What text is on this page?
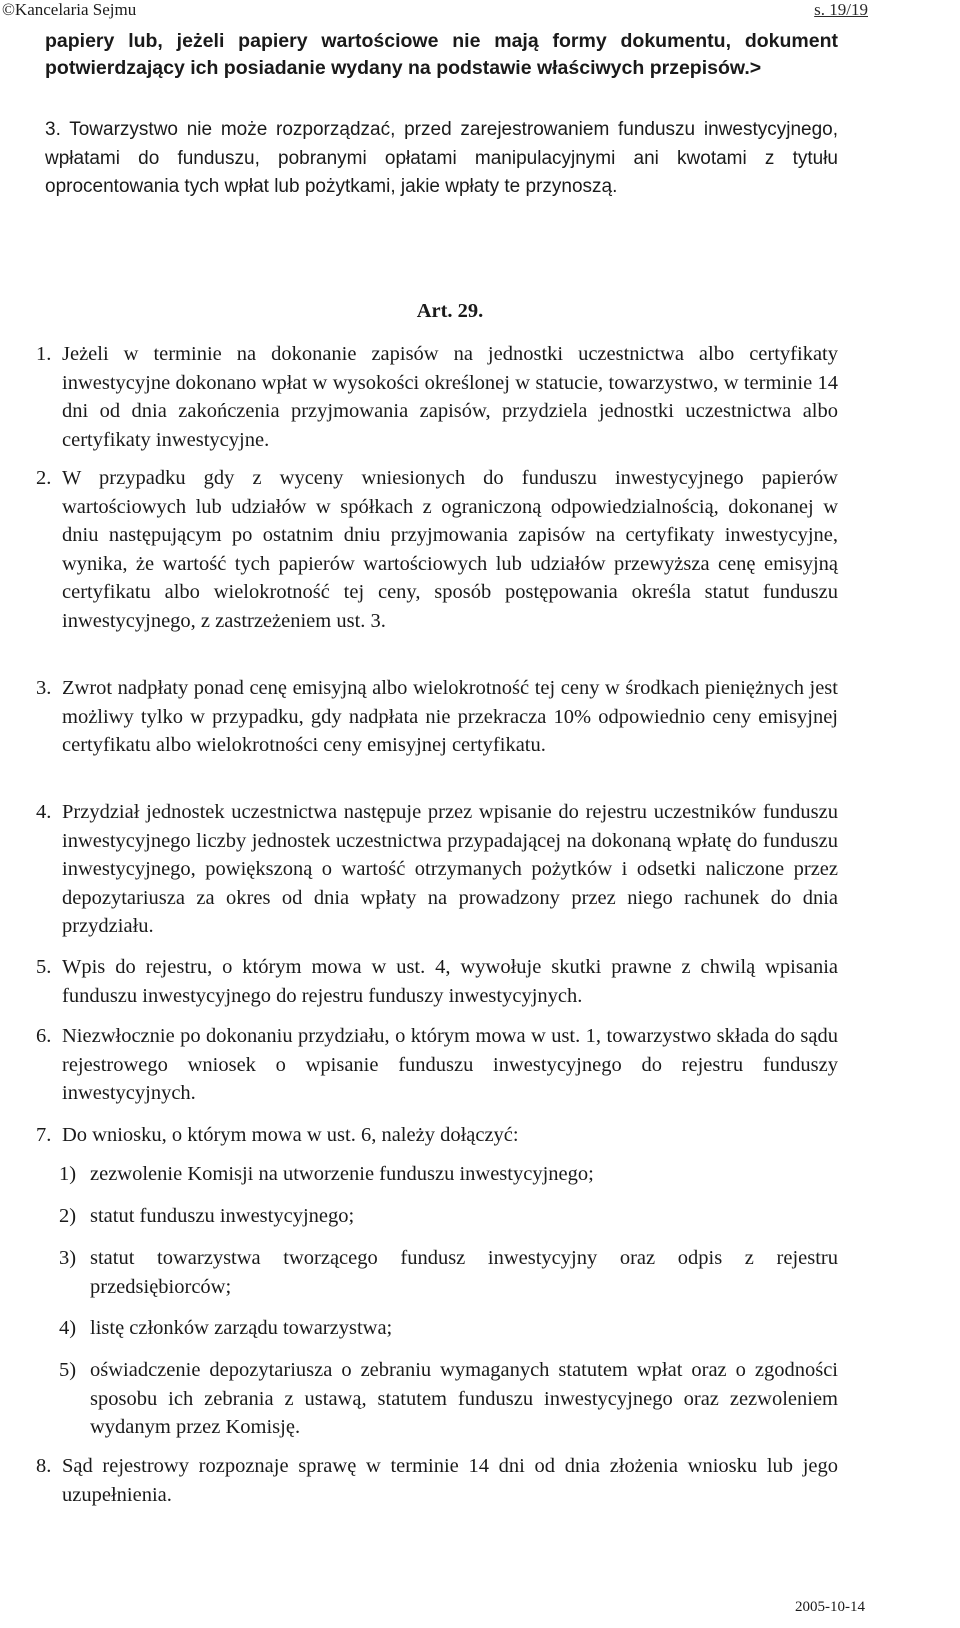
©Kancelaria Sejmu	s. 19/19
papiery lub, jeżeli papiery wartościowe nie mają formy dokumentu, dokument potwierdzający ich posiadanie wydany na podstawie właściwych przepisów.>
3. Towarzystwo nie może rozporządzać, przed zarejestrowaniem funduszu inwestycyjnego, wpłatami do funduszu, pobranymi opłatami manipulacyjnymi ani kwotami z tytułu oprocentowania tych wpłat lub pożytkami, jakie wpłaty te przynoszą.
Art. 29.
1. Jeżeli w terminie na dokonanie zapisów na jednostki uczestnictwa albo certyfikaty inwestycyjne dokonano wpłat w wysokości określonej w statucie, towarzystwo, w terminie 14 dni od dnia zakończenia przyjmowania zapisów, przydziela jednostki uczestnictwa albo certyfikaty inwestycyjne.
2. W przypadku gdy z wyceny wniesionych do funduszu inwestycyjnego papierów wartościowych lub udziałów w spółkach z ograniczoną odpowiedzialnością, dokonanej w dniu następującym po ostatnim dniu przyjmowania zapisów na certyfikaty inwestycyjne, wynika, że wartość tych papierów wartościowych lub udziałów przewyższa cenę emisyjną certyfikatu albo wielokrotność tej ceny, sposób postępowania określa statut funduszu inwestycyjnego, z zastrzeżeniem ust. 3.
3. Zwrot nadpłaty ponad cenę emisyjną albo wielokrotność tej ceny w środkach pieniężnych jest możliwy tylko w przypadku, gdy nadpłata nie przekracza 10% odpowiednio ceny emisyjnej certyfikatu albo wielokrotności ceny emisyjnej certyfikatu.
4. Przydział jednostek uczestnictwa następuje przez wpisanie do rejestru uczestników funduszu inwestycyjnego liczby jednostek uczestnictwa przypadającej na dokonaną wpłatę do funduszu inwestycyjnego, powiększoną o wartość otrzymanych pożytków i odsetki naliczone przez depozytariusza za okres od dnia wpłaty na prowadzony przez niego rachunek do dnia przydziału.
5. Wpis do rejestru, o którym mowa w ust. 4, wywołuje skutki prawne z chwilą wpisania funduszu inwestycyjnego do rejestru funduszy inwestycyjnych.
6. Niezwłocznie po dokonaniu przydziału, o którym mowa w ust. 1, towarzystwo składa do sądu rejestrowego wniosek o wpisanie funduszu inwestycyjnego do rejestru funduszy inwestycyjnych.
7. Do wniosku, o którym mowa w ust. 6, należy dołączyć:
1) zezwolenie Komisji na utworzenie funduszu inwestycyjnego;
2) statut funduszu inwestycyjnego;
3) statut towarzystwa tworzącego fundusz inwestycyjny oraz odpis z rejestru przedsiębiorców;
4) listę członków zarządu towarzystwa;
5) oświadczenie depozytariusza o zebraniu wymaganych statutem wpłat oraz o zgodności sposobu ich zebrania z ustawą, statutem funduszu inwestycyjnego oraz zezwoleniem wydanym przez Komisję.
8. Sąd rejestrowy rozpoznaje sprawę w terminie 14 dni od dnia złożenia wniosku lub jego uzupełnienia.
2005-10-14
